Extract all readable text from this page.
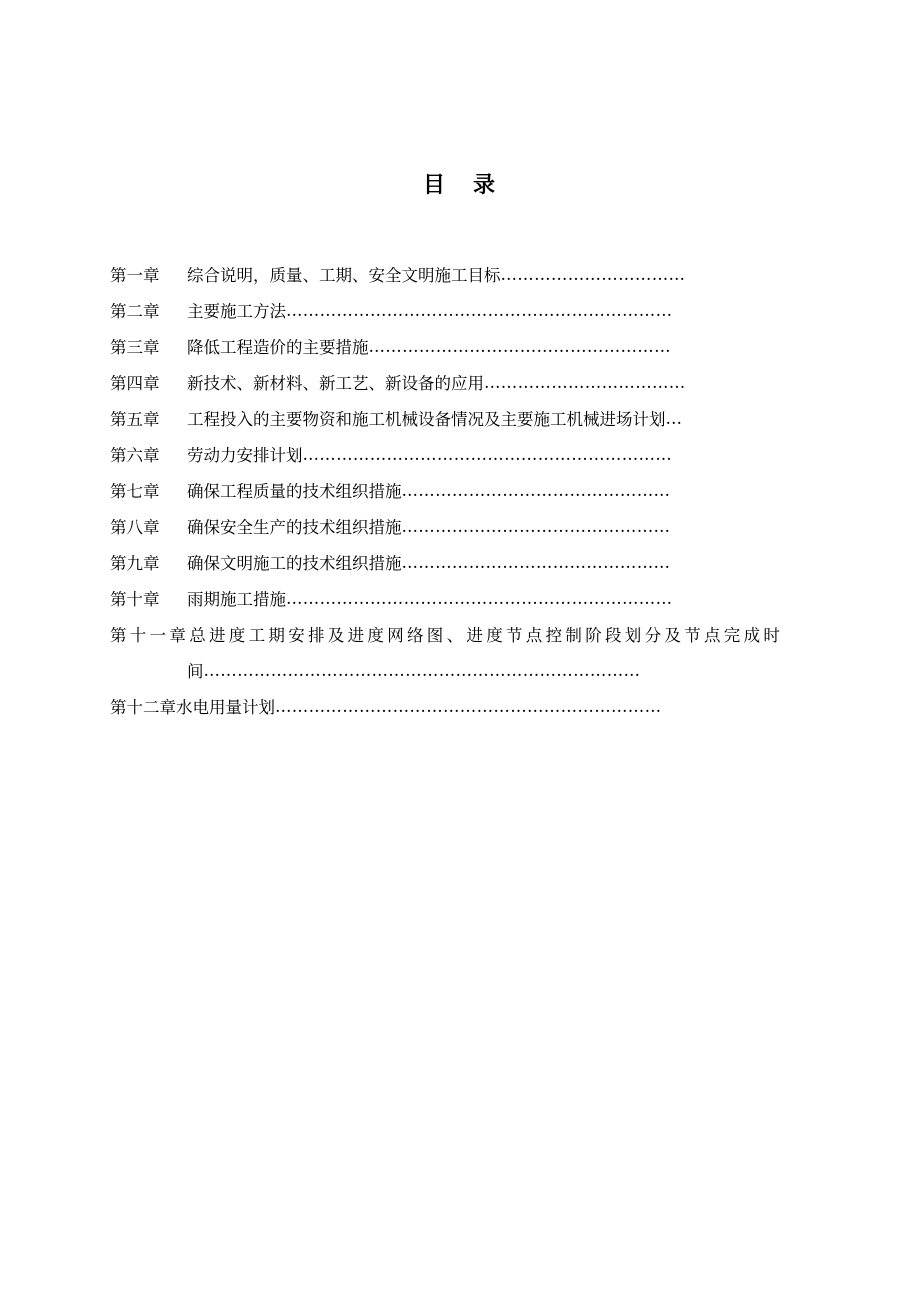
目 录
第一章	综合说明，质量、工期、安全文明施工目标 ……………………………
第二章	主要施工方法 ……………………………………………………………
第三章	降低工程造价的主要措施 ………………………………………………
第四章	新技术、新材料、新工艺、新设备的应用 ………………………………
第五章	工程投入的主要物资和施工机械设备情况及主要施工机械进场计划 …
第六章	劳动力安排计划 …………………………………………………………
第七章	确保工程质量的技术组织措施 …………………………………………
第八章	确保安全生产的技术组织措施 …………………………………………
第九章	确保文明施工的技术组织措施 …………………………………………
第十章	雨期施工措施 ……………………………………………………………
第十一章 总进度工期安排及进度网络图、进度节点控制阶段划分及节点完成时
间 ……………………………………………………………………
第十二章 水电用量计划 ……………………………………………………………
